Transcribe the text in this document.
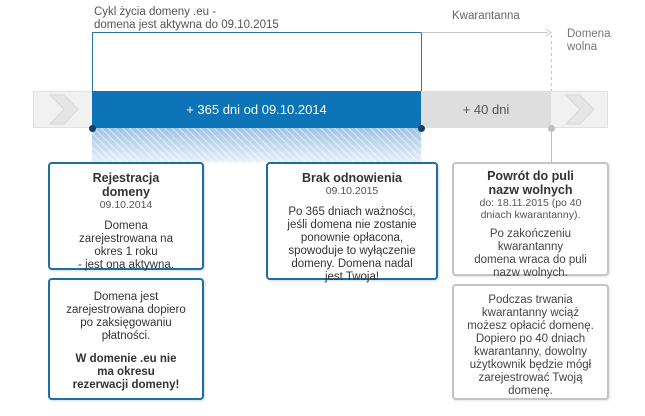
Cykl życia domeny .eu -
domena jest aktywna do 09.10.2015
Kwarantanna
Domena
wolna
+ 365 dni od 09.10.2014	+ 40 dni
Rejestracja
domeny
09.10.2014
Domena
zarejestrowana na
okres 1 roku
- jest ona aktywna.
Domena jest
zarejestrowana dopiero
po zaksięgowaniu
płatności.
W domenie .eu nie
ma okresu
rezerwacji domeny!
Brak odnowienia
09.10.2015
Po 365 dniach ważności,
jeśli domena nie zostanie
ponownie opłacona,
spowoduje to wyłączenie
domeny. Domena nadal
jest Twoja!
Powrót do puli
nazw wolnych
do: 18.11.2015 (po 40
dniach kwarantanny).
Po zakończeniu
kwarantanny
domena wraca do puli
nazw wolnych.
Podczas trwania
kwarantanny wciąż
możesz opłacić domenę.
Dopiero po 40 dniach
kwarantanny, dowolny
użytkownik będzie mógł
zarejestrować Twoją
domenę.
